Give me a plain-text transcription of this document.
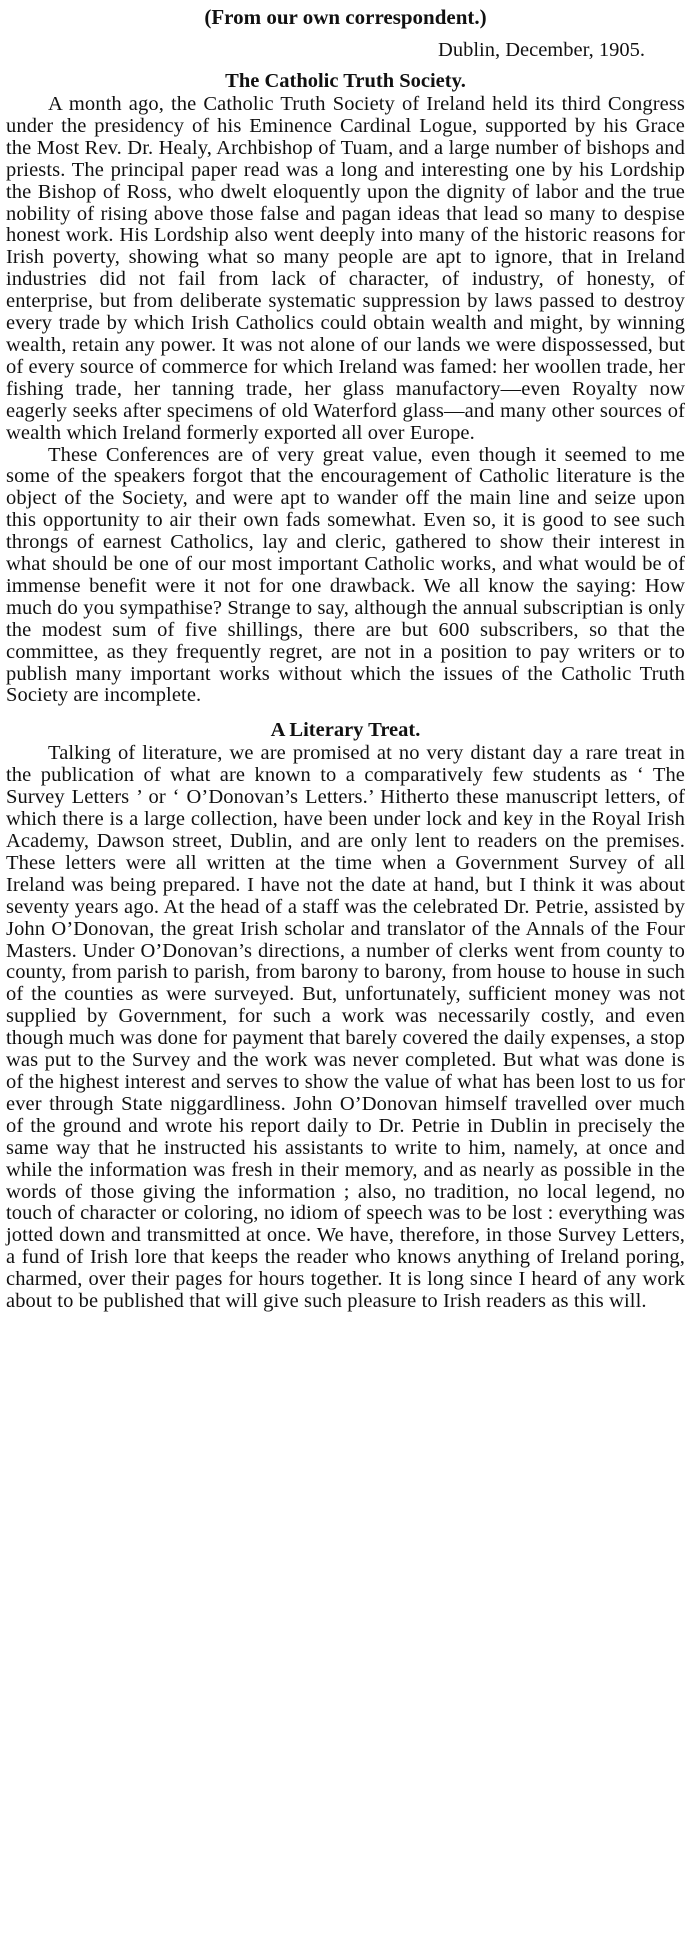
(From our own correspondent.)

Dublin, December, 1905.

The Catholic Truth Society.

A month ago, the Catholic Truth Society of Ireland held its third Congress under the presidency of his Eminence Cardinal Logue, supported by his Grace the Most Rev. Dr. Healy, Archbishop of Tuam, and a large number of bishops and priests. The principal paper read was a long and interesting one by his Lordship the Bishop of Ross, who dwelt eloquently upon the dignity of labor and the true nobility of rising above those false and pagan ideas that lead so many to despise honest work. His Lordship also went deeply into many of the historic reasons for Irish poverty, showing what so many people are apt to ignore, that in Ireland industries did not fail from lack of character, of industry, of honesty, of enterprise, but from deliberate systematic suppression by laws passed to destroy every trade by which Irish Catholics could obtain wealth and might, by winning wealth, retain any power. It was not alone of our lands we were dispossessed, but of every source of commerce for which Ireland was famed: her woollen trade, her fishing trade, her tanning trade, her glass manufactory—even Royalty now eagerly seeks after specimens of old Waterford glass—and many other sources of wealth which Ireland formerly exported all over Europe.

These Conferences are of very great value, even though it seemed to me some of the speakers forgot that the encouragement of Catholic literature is the object of the Society, and were apt to wander off the main line and seize upon this opportunity to air their own fads somewhat. Even so, it is good to see such throngs of earnest Catholics, lay and cleric, gathered to show their interest in what should be one of our most important Catholic works, and what would be of immense benefit were it not for one drawback. We all know the saying: How much do you sympathise? Strange to say, although the annual subscriptian is only the modest sum of five shillings, there are but 600 subscribers, so that the committee, as they frequently regret, are not in a position to pay writers or to publish many important works without which the issues of the Catholic Truth Society are incomplete.

A Literary Treat.

Talking of literature, we are promised at no very distant day a rare treat in the publication of what are known to a comparatively few students as ‘ The Survey Letters ’ or ‘ O’Donovan’s Letters.’ Hitherto these manuscript letters, of which there is a large collection, have been under lock and key in the Royal Irish Academy, Dawson street, Dublin, and are only lent to readers on the premises. These letters were all written at the time when a Government Survey of all Ireland was being prepared. I have not the date at hand, but I think it was about seventy years ago. At the head of a staff was the celebrated Dr. Petrie, assisted by John O’Donovan, the great Irish scholar and translator of the Annals of the Four Masters. Under O’Donovan’s directions, a number of clerks went from county to county, from parish to parish, from barony to barony, from house to house in such of the counties as were surveyed. But, unfortunately, sufficient money was not supplied by Government, for such a work was necessarily costly, and even though much was done for payment that barely covered the daily expenses, a stop was put to the Survey and the work was never completed. But what was done is of the highest interest and serves to show the value of what has been lost to us for ever through State niggardliness. John O’Donovan himself travelled over much of the ground and wrote his report daily to Dr. Petrie in Dublin in precisely the same way that he instructed his assistants to write to him, namely, at once and while the information was fresh in their memory, and as nearly as possible in the words of those giving the information ; also, no tradition, no local legend, no touch of character or coloring, no idiom of speech was to be lost : everything was jotted down and transmitted at once. We have, therefore, in those Survey Letters, a fund of Irish lore that keeps the reader who knows anything of Ireland poring, charmed, over their pages for hours together. It is long since I heard of any work about to be published that will give such pleasure to Irish readers as this will.
